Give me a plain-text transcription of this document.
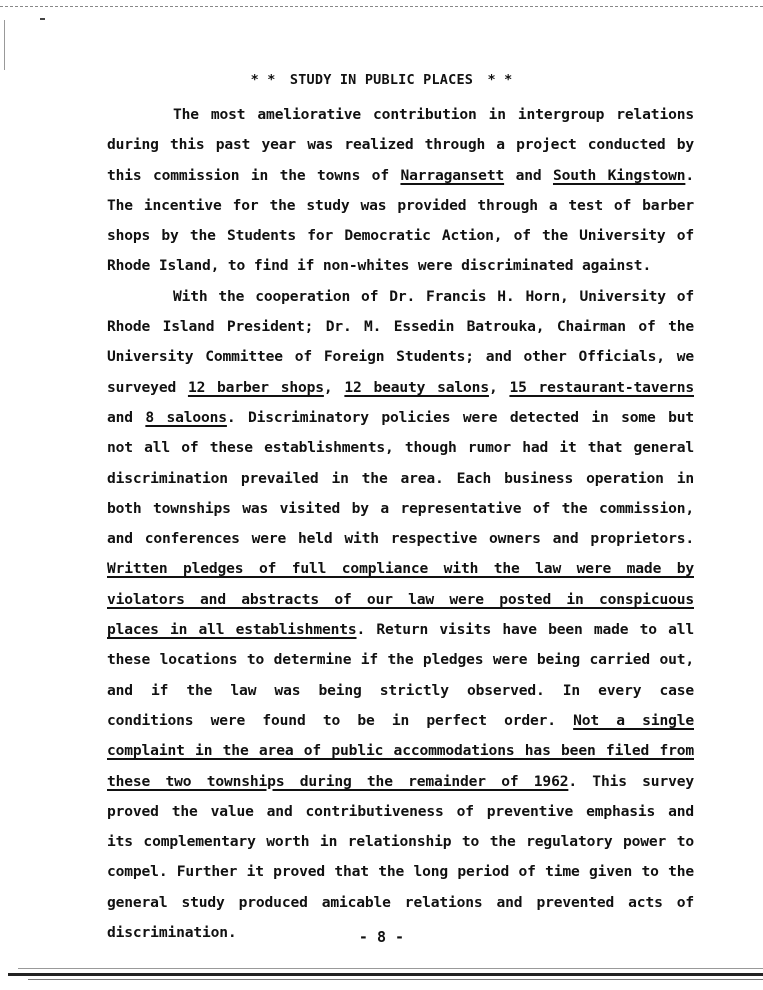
* * STUDY IN PUBLIC PLACES * *

The most ameliorative contribution in intergroup relations during this past year was realized through a project conducted by this commission in the towns of Narragansett and South Kingstown. The incentive for the study was provided through a test of barber shops by the Students for Democratic Action, of the University of Rhode Island, to find if non-whites were discriminated against.

With the cooperation of Dr. Francis H. Horn, University of Rhode Island President; Dr. M. Essedin Batrouka, Chairman of the University Committee of Foreign Students; and other Officials, we surveyed 12 barber shops, 12 beauty salons, 15 restaurant-taverns and 8 saloons. Discriminatory policies were detected in some but not all of these establishments, though rumor had it that general discrimination prevailed in the area. Each business operation in both townships was visited by a representative of the commission, and conferences were held with respective owners and proprietors. Written pledges of full compliance with the law were made by violators and abstracts of our law were posted in conspicuous places in all establishments. Return visits have been made to all these locations to determine if the pledges were being carried out, and if the law was being strictly observed. In every case conditions were found to be in perfect order. Not a single complaint in the area of public accommodations has been filed from these two townships during the remainder of 1962. This survey proved the value and contributiveness of preventive emphasis and its complementary worth in relationship to the regulatory power to compel. Further it proved that the long period of time given to the general study produced amicable relations and prevented acts of discrimination.	- 8 -
